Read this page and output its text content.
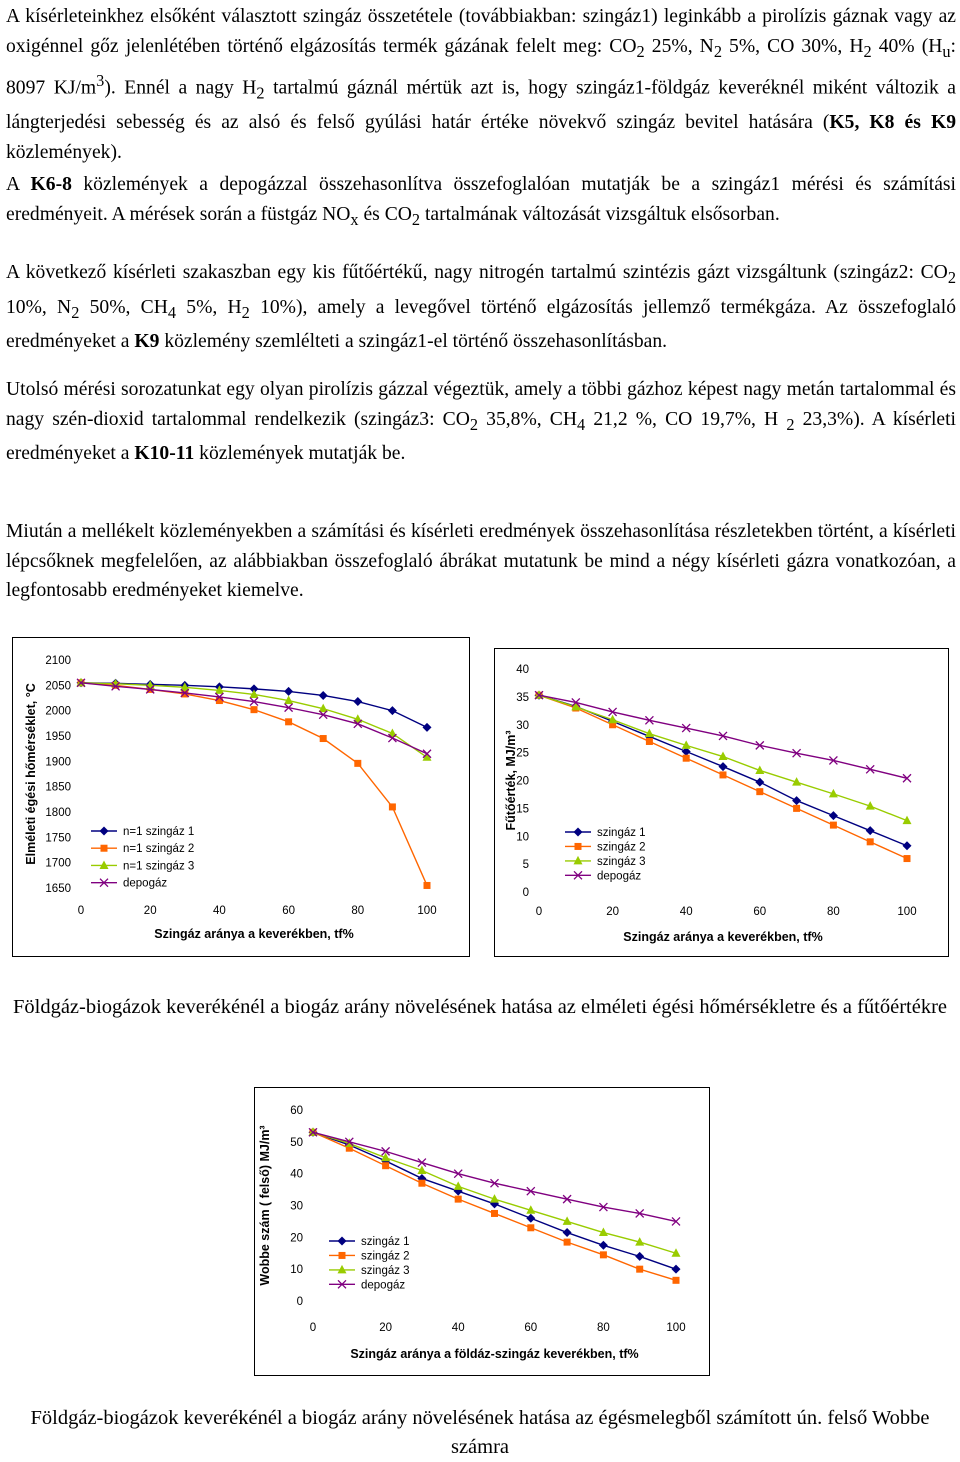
A kísérleteinkhez elsőként választott szingáz összetétele (továbbiakban: szingáz1) leginkább a pirolízis gáznak vagy az oxigénnel gőz jelenlétében történő elgázosítás termék gázának felelt meg: $CO_2$ 25%, $N_2$ 5%, CO 30%, $H_2$ 40% ($H_u$: 8097 $KJ/m^3$). Ennél a nagy $H_2$ tartalmú gáznál mértük azt is, hogy szingáz1-földgáz keveréknél miként változik a lángterjedési sebesség és az alsó és felső gyúlási határ értéke növekvő szingáz bevitel hatására (K5, K8 és K9 közlemények).

A K6-8 közlemények a depogázzal összehasonlítva összefoglalóan mutatják be a szingáz1 mérési és számítási eredményeit. A mérések során a füstgáz $NO_x$ és $CO_2$ tartalmának változását vizsgáltuk elsősorban.

A következő kísérleti szakaszban egy kis fűtőértékű, nagy nitrogén tartalmú szintézis gázt vizsgáltunk (szingáz2: $CO_2$ 10%, $N_2$ 50%, $CH_4$ 5%, $H_2$ 10%), amely a levegővel történő elgázosítás jellemző termékgáza. Az összefoglaló eredményeket a K9 közlemény szemlélteti a szingáz1-el történő összehasonlításban.

Utolsó mérési sorozatunkat egy olyan pirolízis gázzal végeztük, amely a többi gázhoz képest nagy metán tartalommal és nagy szén-dioxid tartalommal rendelkezik (szingáz3: $CO_2$ 35,8%, $CH_4$ 21,2 %, CO 19,7%, H $_2$ 23,3%). A kísérleti eredményeket a K10-11 közlemények mutatják be.

Miután a mellékelt közleményekben a számítási és kísérleti eredmények összehasonlítása részletekben történt, a kísérleti lépcsőknek megfelelően, az alábbiakban összefoglaló ábrákat mutatunk be mind a négy kísérleti gázra vonatkozóan, a legfontosabb eredményeket kiemelve.

1650
1700
1750
1800
1850
1900
1950
2000
2050
2100
0	20	40	60	80	100
Szingáz aránya a keverékben, tf%
Elméleti égési hőmérséklet, °C	n=1 szingáz 1
n=1 szingáz 2
n=1 szingáz 3
depogáz
0
5
10
15
20
25
30
35
40
0	20	40	60	80	100
Szingáz aránya a keverékben, tf%
Fűtőérték, MJ/m³
szingáz 1
szingáz 2
szingáz 3
depogáz
0
10
20
30
40
50
60
0	20	40	60	80	100
Szingáz aránya a földáz-szingáz keverékben, tf%
Wobbe szám ( felső) MJ/m³	szingáz 1
szingáz 2
szingáz 3
depogáz
Földgáz-biogázok keverékénél a biogáz arány növelésének hatása az elméleti égési hőmérsékletre és a fűtőértékre
Földgáz-biogázok keverékénél a biogáz arány növelésének hatása az égésmelegből számított ún. felső Wobbe számra
